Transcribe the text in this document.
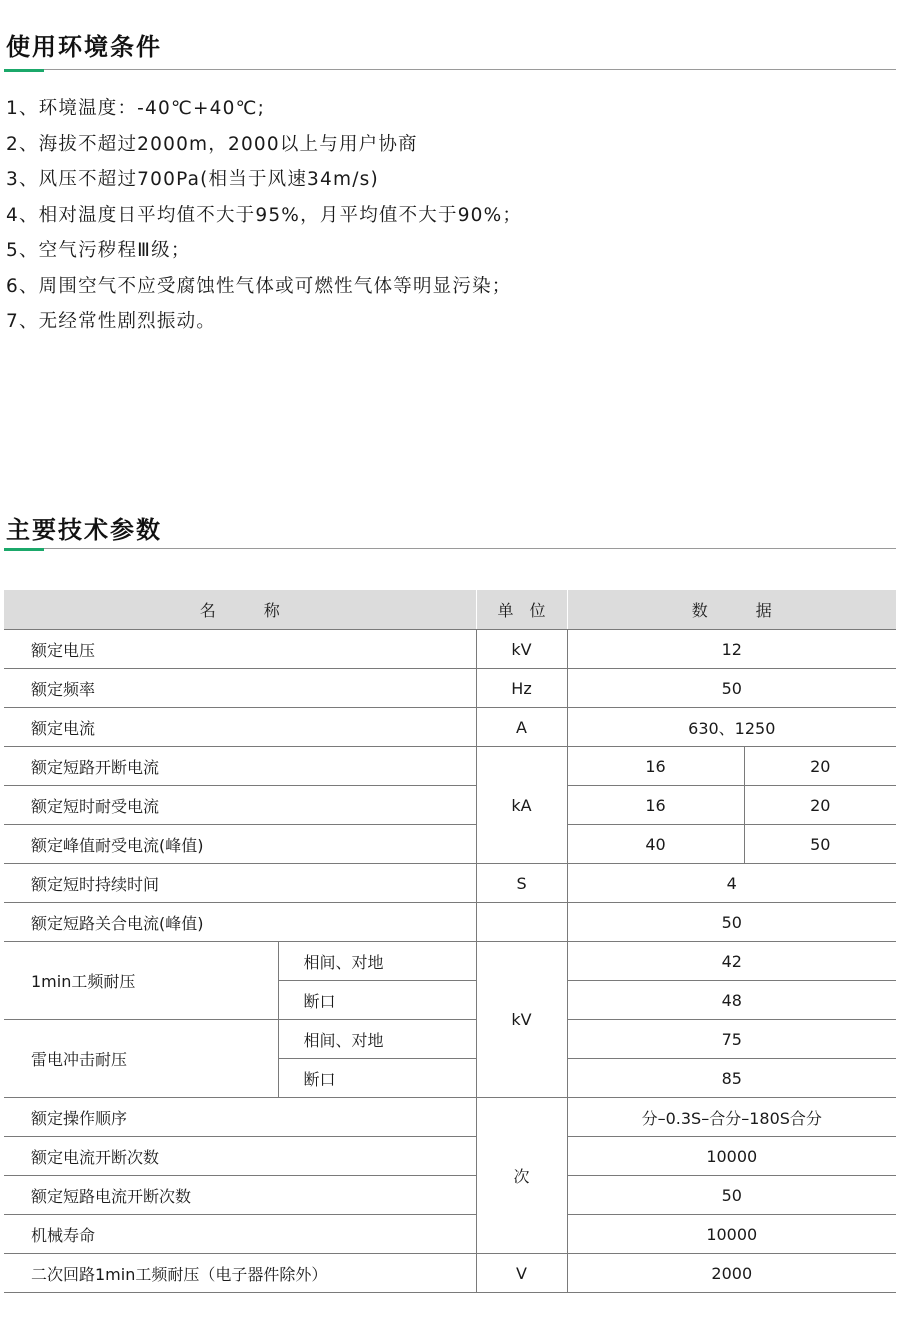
使用环境条件
1、环境温度：-40℃+40℃;
2、海拔不超过2000m，2000以上与用户协商
3、风压不超过700Pa(相当于风速34m/s)
4、相对温度日平均值不大于95%，月平均值不大于90%；
5、空气污秽程Ⅲ级；
6、周围空气不应受腐蚀性气体或可燃性气体等明显污染；
7、无经常性剧烈振动。
主要技术参数
名　　　称		单　位	数　　　据	
额定电压		kV	12	
额定频率		Hz	50	
额定电流		A	630、1250	
额定短路开断电流		kA	16	20
额定短时耐受电流			16	20
额定峰值耐受电流(峰值)			40	50
额定短时持续时间		S	4	
额定短路关合电流(峰值)			50	
1min工频耐压	相间、对地	kV	42	
	断口		48	
雷电冲击耐压	相间、对地		75	
	断口		85	
额定操作顺序		次	分–0.3S–合分–180S合分	
额定电流开断次数			10000	
额定短路电流开断次数			50	
机械寿命			10000	
二次回路1min工频耐压（电子器件除外）		V	2000	
